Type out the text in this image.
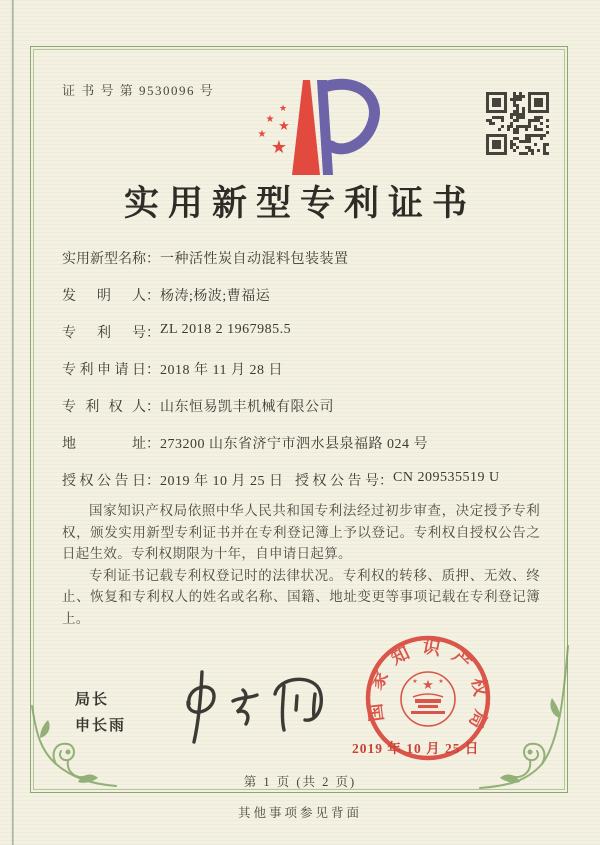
证 书 号 第 9530096 号
★
★ ★
★
★
实用新型专利证书
实用新型名称 ： 一种活性炭自动混料包装装置
发明人 ： 杨涛;杨波;曹福运
专利号 ： ZL 2018 2 1967985.5
专利申请日 ： 2018 年 11 月 28 日
专利权人 ： 山东恒易凯丰机械有限公司
地址 ： 273200 山东省济宁市泗水县泉福路 024 号
授权公告日 ： 2019 年 10 月 25 日 授权公告号 ： CN 209535519 U

国家知识产权局依照中华人民共和国专利法经过初步审查，决定授予专利权，颁发实用新型专利证书并在专利登记簿上予以登记。专利权自授权公告之日起生效。专利权期限为十年，自申请日起算。

专利证书记载专利权登记时的法律状况。专利权的转移、质押、无效、终止、恢复和专利权人的姓名或名称、国籍、地址变更等事项记载在专利登记簿上。

局长
申长雨
国家知识产权局
★
★	★
2019 年 10 月 25 日
第 1 页 (共 2 页)
其他事项参见背面
